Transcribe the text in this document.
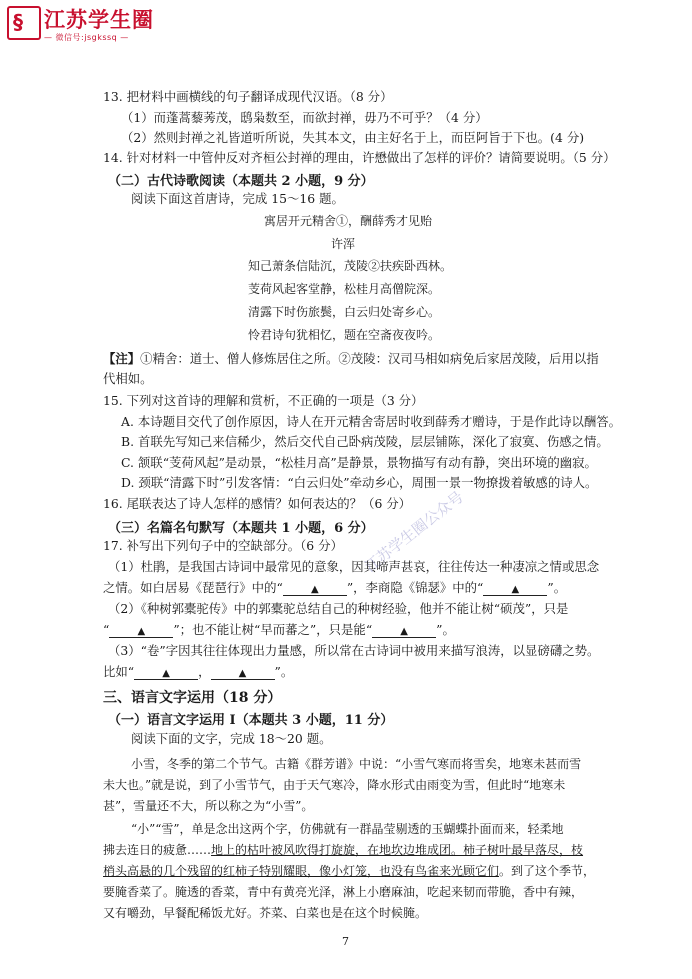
§ 江苏学生圈
— 微信号:jsgkssq —
13. 把材料中画横线的句子翻译成现代汉语。（8 分）
（1）而蓬蒿藜莠茂，鸱枭数至，而欲封禅，毋乃不可乎？（4 分）
（2）然则封禅之礼皆道听所说，失其本文，由主好名于上，而臣阿旨于下也。(4 分)
14. 针对材料一中管仲反对齐桓公封禅的理由，许懋做出了怎样的评价？请简要说明。（5 分）
（二）古代诗歌阅读（本题共 2 小题，9 分）
阅读下面这首唐诗，完成 15～16 题。
寓居开元精舍①，酬薛秀才见贻
许浑
知己萧条信陆沉，茂陵②扶疾卧西林。
芰荷风起客堂静，松桂月高僧院深。
清露下时伤旅鬓，白云归处寄乡心。
怜君诗句犹相忆，题在空斋夜夜吟。
【注】①精舍：道士、僧人修炼居住之所。②茂陵：汉司马相如病免后家居茂陵，后用以指
代相如。
15. 下列对这首诗的理解和赏析，不正确的一项是（3 分）
A. 本诗题目交代了创作原因，诗人在开元精舍寄居时收到薛秀才赠诗，于是作此诗以酬答。
B. 首联先写知己来信稀少，然后交代自己卧病茂陵，层层铺陈，深化了寂寞、伤感之情。
C. 颔联“芰荷风起”是动景，“松桂月高”是静景，景物描写有动有静，突出环境的幽寂。
D. 颈联“清露下时”引发客情：“白云归处”牵动乡心，周围一景一物撩拨着敏感的诗人。
16. 尾联表达了诗人怎样的感情？如何表达的？（6 分）
（三）名篇名句默写（本题共 1 小题，6 分）
17. 补写出下列句子中的空缺部分。（6 分）
（1）杜鹃，是我国古诗词中最常见的意象，因其啼声甚哀，往往传达一种凄凉之情或思念
之情。如白居易《琵琶行》中的“	▲ ”，李商隐《锦瑟》中的“	▲ ”。
（2）《种树郭橐驼传》中的郭橐驼总结自己的种树经验，他并不能让树“硕茂”，只是
“	▲ ”；也不能让树“早而蕃之”，只是能“	▲ ”。
（3）“卷”字因其往往体现出力量感，所以常在古诗词中被用来描写浪涛，以显磅礴之势。
比如“	▲ ，	▲ ”。
三、语言文字运用（18 分）
（一）语言文字运用 I（本题共 3 小题，11 分）
阅读下面的文字，完成 18～20 题。
小雪，冬季的第二个节气。古籍《群芳谱》中说：“小雪气寒而将雪矣，地寒未甚而雪
未大也。”就是说，到了小雪节气，由于天气寒冷，降水形式由雨变为雪，但此时“地寒未
甚”，雪量还不大，所以称之为“小雪”。
“小”“雪”，单是念出这两个字，仿佛就有一群晶莹剔透的玉蝴蝶扑面而来，轻柔地
拂去连日的疲惫……地上的枯叶被风吹得打旋旋，在地坎边堆成团。柿子树叶最早落尽，枝
梢头高悬的几个残留的红柿子特别耀眼，像小灯笼，也没有鸟雀来光顾它们。到了这个季节，
要腌香菜了。腌透的香菜，青中有黄亮光泽，淋上小磨麻油，吃起来韧而带脆，香中有辣，
又有嚼劲，早餐配稀饭尤好。芥菜、白菜也是在这个时候腌。
江苏学生圈公众号
7
